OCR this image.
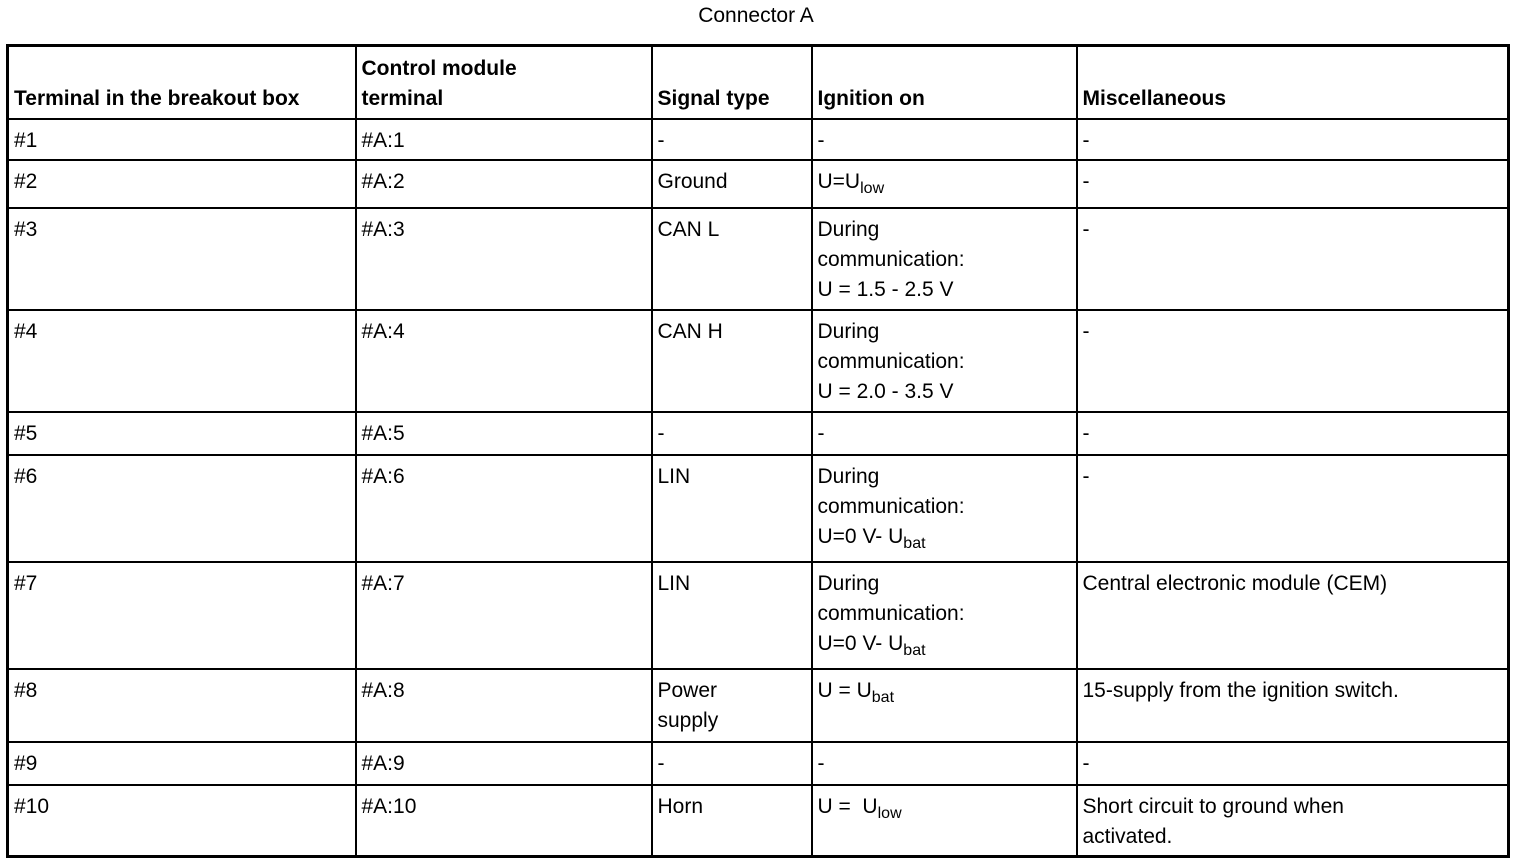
Connector A
Terminal in the breakout box	Control module terminal	Signal type	Ignition on	Miscellaneous
#1	#A:1	-	-	-
#2	#A:2	Ground	$U=U_{low}$	-
#3	#A:3	CAN L	During
communication:
U = 1.5 - 2.5 V	-
#4	#A:4	CAN H	During
communication:
U = 2.0 - 3.5 V	-
#5	#A:5	-	-	-
#6	#A:6	LIN	During
communication:
U=0 V- $U_{bat}$	-
#7	#A:7	LIN	During
communication:
U=0 V- $U_{bat}$	Central electronic module (CEM)
#8	#A:8	Power supply	$U = U_{bat}$	15-supply from the ignition switch.
#9	#A:9	-	-	-
#10	#A:10	Horn	$U = U_{low}$	Short circuit to ground when activated.
